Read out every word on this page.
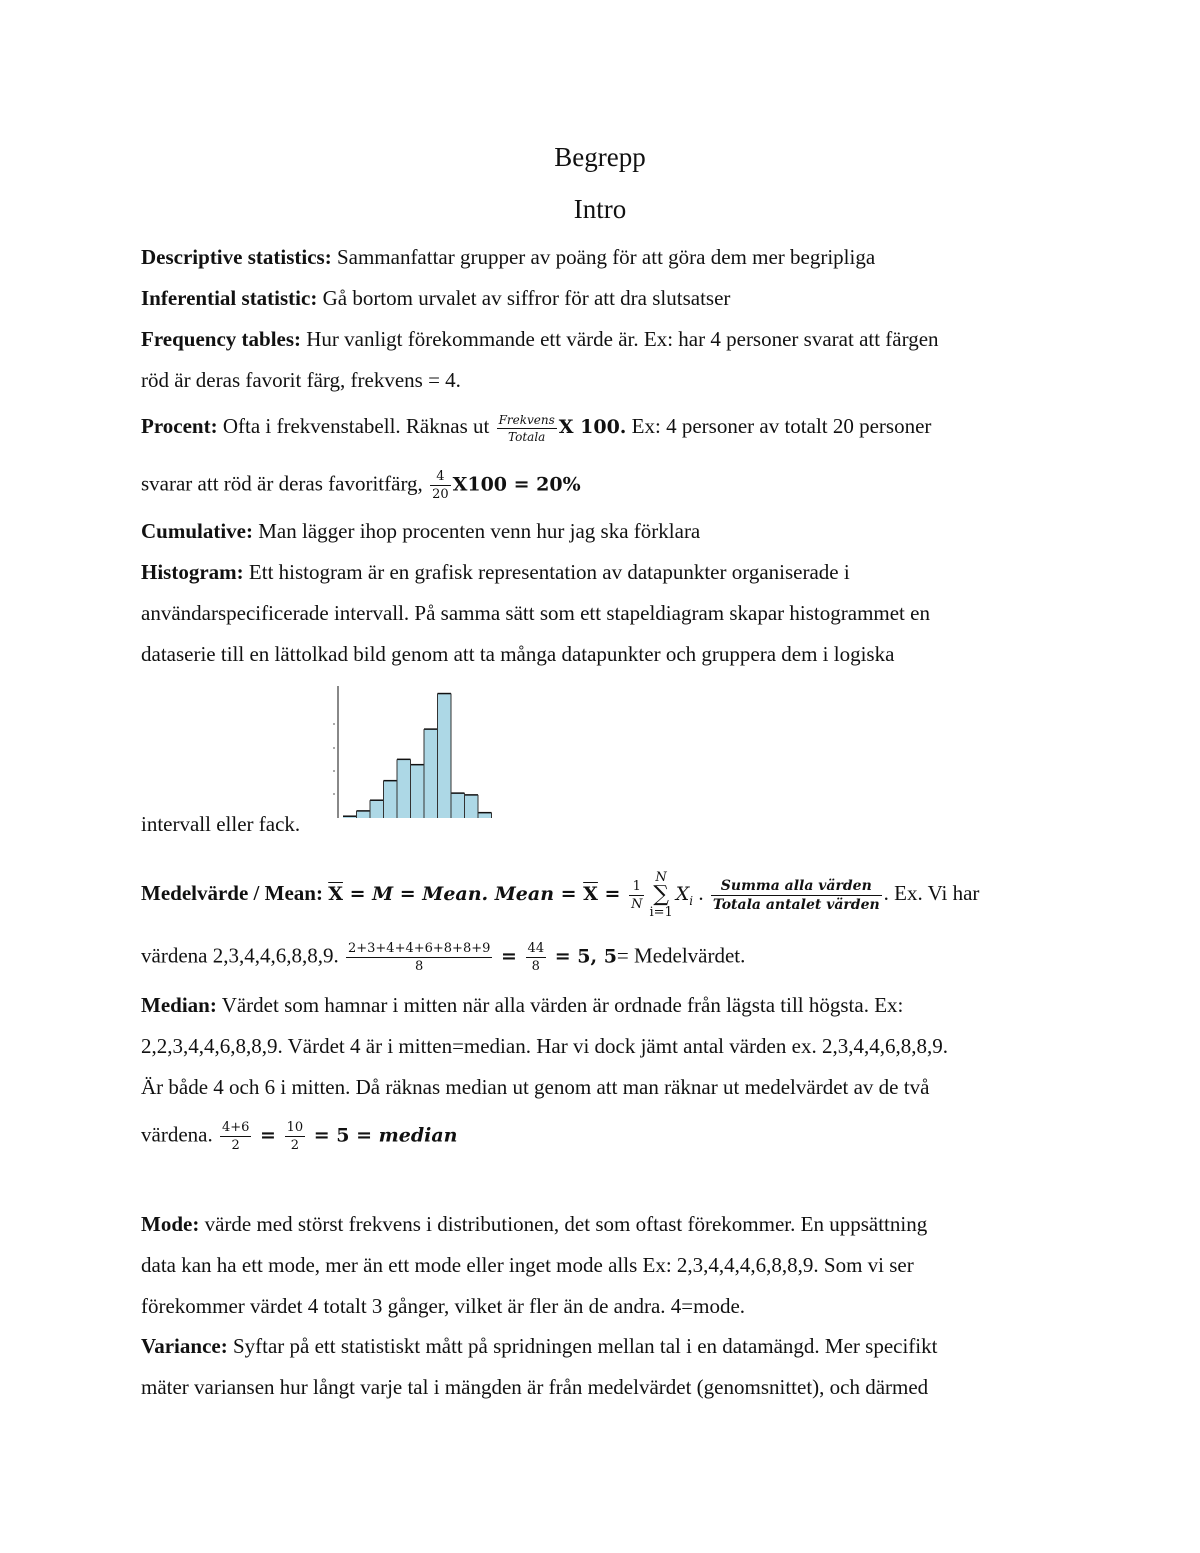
Begrepp
Intro
Descriptive statistics: Sammanfattar grupper av poäng för att göra dem mer begripliga
Inferential statistic: Gå bortom urvalet av siffror för att dra slutsatser
Frequency tables: Hur vanligt förekommande ett värde är. Ex: har 4 personer svarat att färgen
röd är deras favorit färg, frekvens = 4.
Procent: Ofta i frekvenstabell. Räknas ut $\frac{\text{Frekvens}}{\text{Totala}}$ X 100. Ex: 4 personer av totalt 20 personer
svarar att röd är deras favoritfärg, $\frac{4}{20} X100 = 20\%$
Cumulative: Man lägger ihop procenten venn hur jag ska förklara
Histogram: Ett histogram är en grafisk representation av datapunkter organiserade i
användarspecificerade intervall. På samma sätt som ett stapeldiagram skapar histogrammet en
dataserie till en lättolkad bild genom att ta många datapunkter och gruppera dem i logiska
intervall eller fack.
Medelvärde / Mean: $\overline{X} = M$ = Mean. Mean = $\overline{X} = \frac{1}{N}$
N
∑
i=1
$X_i$ . $\frac{\text{Summa alla värden}}{\text{Totala antalet värden}}$ . Ex. Vi har
värdena 2,3,4,4,6,8,8,9. $\frac{2+3+4+4+6+8+8+9}{8} = \frac{44}{8} = 5$, 5= Medelvärdet.
Median: Värdet som hamnar i mitten när alla värden är ordnade från lägsta till högsta. Ex:
2,2,3,4,4,6,8,8,9. Värdet 4 är i mitten=median. Har vi dock jämt antal värden ex. 2,3,4,4,6,8,8,9.
Är både 4 och 6 i mitten. Då räknas median ut genom att man räknar ut medelvärdet av de två
värdena. $\frac{4+6}{2} = \frac{10}{2} = 5$ = median
Mode: värde med störst frekvens i distributionen, det som oftast förekommer. En uppsättning
data kan ha ett mode, mer än ett mode eller inget mode alls Ex: 2,3,4,4,4,6,8,8,9. Som vi ser
förekommer värdet 4 totalt 3 gånger, vilket är fler än de andra. 4=mode.
Variance: Syftar på ett statistiskt mått på spridningen mellan tal i en datamängd. Mer specifikt
mäter variansen hur långt varje tal i mängden är från medelvärdet (genomsnittet), och därmed
